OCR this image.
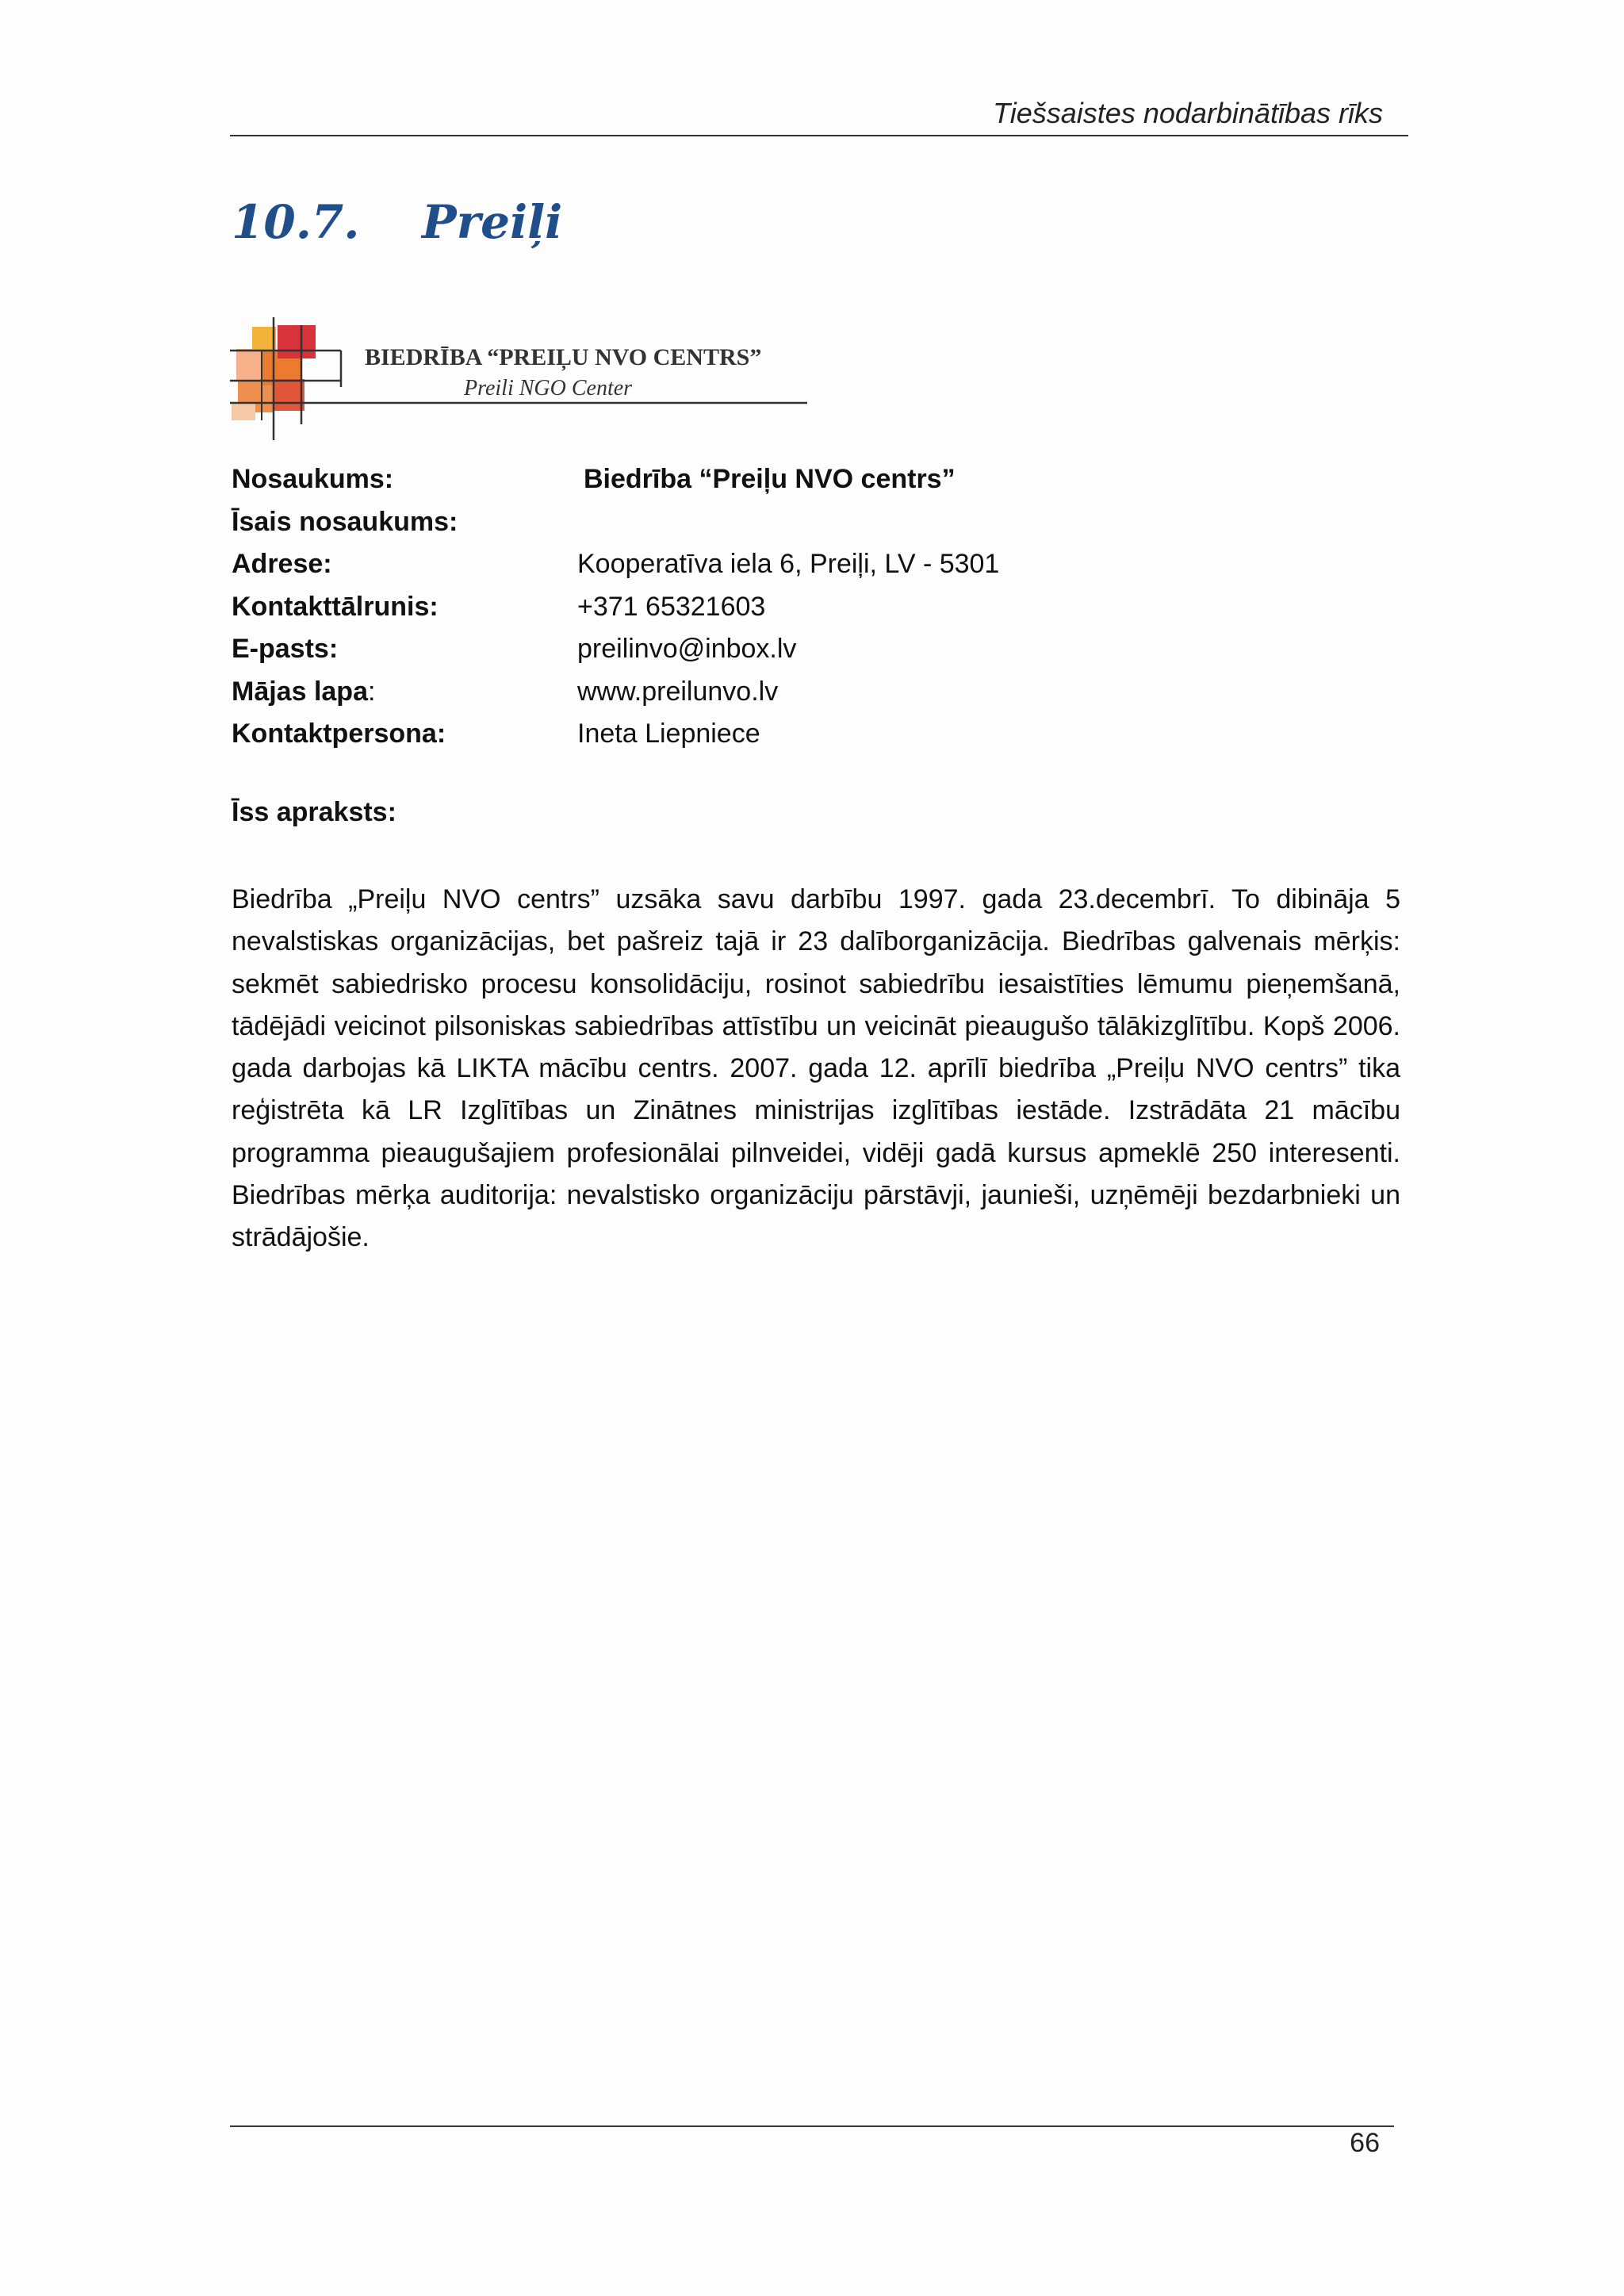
Tiešsaistes nodarbinātības rīks
10.7. Preiļi
BIEDRĪBA “PREIĻU NVO CENTRS”
Preili NGO Center
Nosaukums:	Biedrība “Preiļu NVO centrs”
Īsais nosaukums:
Adrese:	Kooperatīva iela 6, Preiļi, LV - 5301
Kontakttālrunis:	+371 65321603
E-pasts:	preilinvo@inbox.lv
Mājas lapa:	www.preilunvo.lv
Kontaktpersona:	Ineta Liepniece
Īss apraksts:
Biedrība „Preiļu NVO centrs” uzsāka savu darbību 1997. gada 23.decembrī. To dibināja 5 nevalstiskas organizācijas, bet pašreiz tajā ir 23 dalīborganizācija. Biedrības galvenais mērķis: sekmēt sabiedrisko procesu konsolidāciju, rosinot sabiedrību iesaistīties lēmumu pieņemšanā, tādējādi veicinot pilsoniskas sabiedrības attīstību un veicināt pieaugušo tālākizglītību. Kopš 2006. gada darbojas kā LIKTA mācību centrs. 2007. gada 12. aprīlī biedrība „Preiļu NVO centrs” tika reģistrēta kā LR Izglītības un Zinātnes ministrijas izglītības iestāde. Izstrādāta 21 mācību programma pieaugušajiem profesionālai pilnveidei, vidēji gadā kursus apmeklē 250 interesenti. Biedrības mērķa auditorija: nevalstisko organizāciju pārstāvji, jaunieši, uzņēmēji bezdarbnieki un strādājošie.
66
